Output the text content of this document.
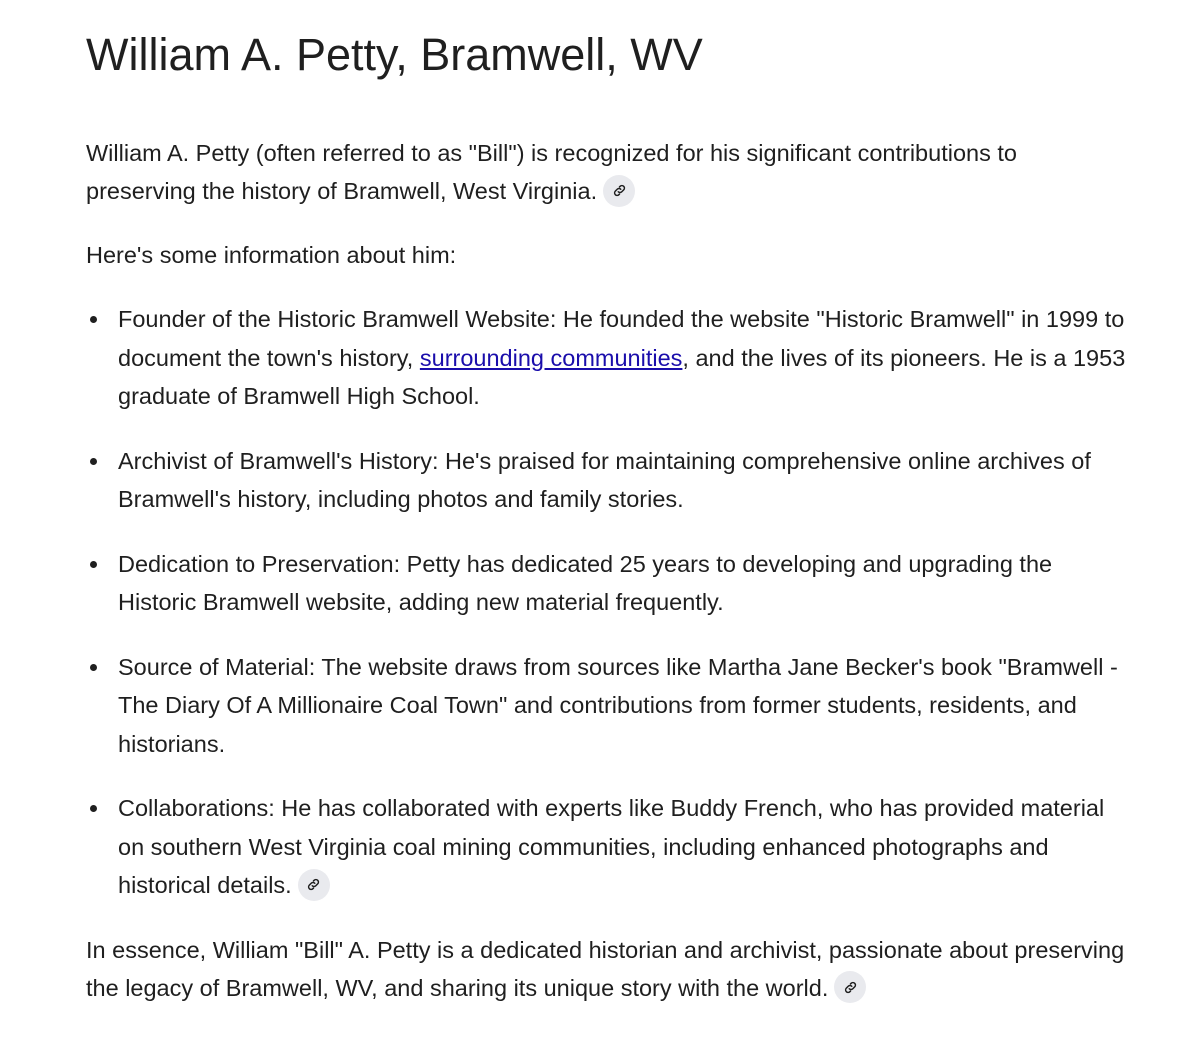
William A. Petty, Bramwell, WV

William A. Petty (often referred to as "Bill") is recognized for his significant contributions to preserving the history of Bramwell, West Virginia.

Here's some information about him:

Founder of the Historic Bramwell Website: He founded the website "Historic Bramwell" in 1999 to document the town's history, surrounding communities, and the lives of its pioneers. He is a 1953 graduate of Bramwell High School.
Archivist of Bramwell's History: He's praised for maintaining comprehensive online archives of Bramwell's history, including photos and family stories.
Dedication to Preservation: Petty has dedicated 25 years to developing and upgrading the Historic Bramwell website, adding new material frequently.
Source of Material: The website draws from sources like Martha Jane Becker's book "Bramwell - The Diary Of A Millionaire Coal Town" and contributions from former students, residents, and historians.
Collaborations: He has collaborated with experts like Buddy French, who has provided material on southern West Virginia coal mining communities, including enhanced photographs and historical details.

In essence, William "Bill" A. Petty is a dedicated historian and archivist, passionate about preserving the legacy of Bramwell, WV, and sharing its unique story with the world.
